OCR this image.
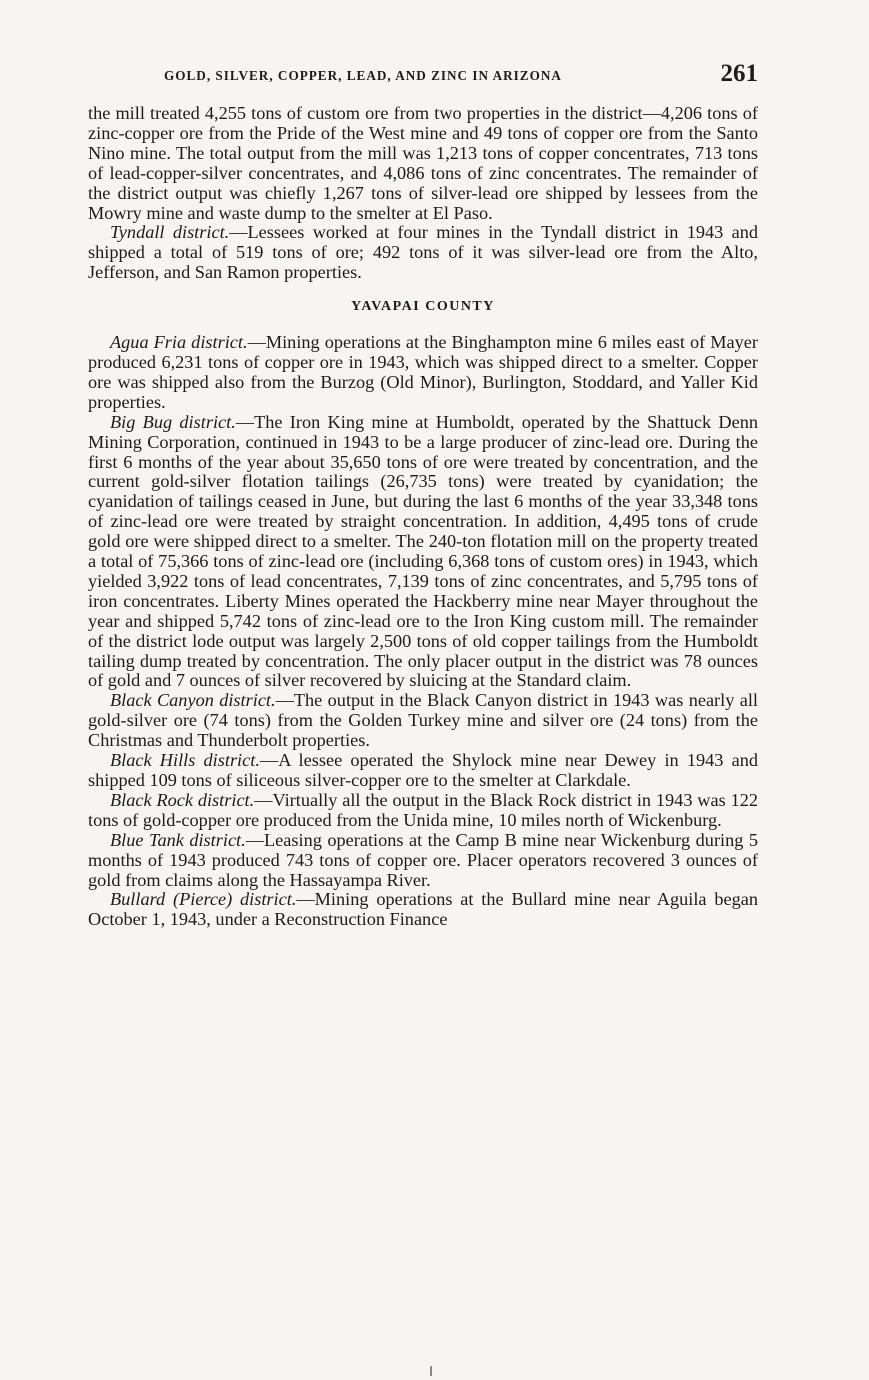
GOLD, SILVER, COPPER, LEAD, AND ZINC IN ARIZONA	261

the mill treated 4,255 tons of custom ore from two properties in the district—4,206 tons of zinc-copper ore from the Pride of the West mine and 49 tons of copper ore from the Santo Nino mine. The total output from the mill was 1,213 tons of copper concentrates, 713 tons of lead-copper-silver concentrates, and 4,086 tons of zinc concentrates. The remainder of the district output was chiefly 1,267 tons of silver-lead ore shipped by lessees from the Mowry mine and waste dump to the smelter at El Paso.

Tyndall district.—Lessees worked at four mines in the Tyndall district in 1943 and shipped a total of 519 tons of ore; 492 tons of it was silver-lead ore from the Alto, Jefferson, and San Ramon properties.

YAVAPAI COUNTY

Agua Fria district.—Mining operations at the Binghampton mine 6 miles east of Mayer produced 6,231 tons of copper ore in 1943, which was shipped direct to a smelter. Copper ore was shipped also from the Burzog (Old Minor), Burlington, Stoddard, and Yaller Kid properties.

Big Bug district.—The Iron King mine at Humboldt, operated by the Shattuck Denn Mining Corporation, continued in 1943 to be a large producer of zinc-lead ore. During the first 6 months of the year about 35,650 tons of ore were treated by concentration, and the current gold-silver flotation tailings (26,735 tons) were treated by cyanidation; the cyanidation of tailings ceased in June, but during the last 6 months of the year 33,348 tons of zinc-lead ore were treated by straight concentration. In addition, 4,495 tons of crude gold ore were shipped direct to a smelter. The 240-ton flotation mill on the property treated a total of 75,366 tons of zinc-lead ore (including 6,368 tons of custom ores) in 1943, which yielded 3,922 tons of lead concentrates, 7,139 tons of zinc concentrates, and 5,795 tons of iron concentrates. Liberty Mines operated the Hackberry mine near Mayer throughout the year and shipped 5,742 tons of zinc-lead ore to the Iron King custom mill. The remainder of the district lode output was largely 2,500 tons of old copper tailings from the Humboldt tailing dump treated by concentration. The only placer output in the district was 78 ounces of gold and 7 ounces of silver recovered by sluicing at the Standard claim.

Black Canyon district.—The output in the Black Canyon district in 1943 was nearly all gold-silver ore (74 tons) from the Golden Turkey mine and silver ore (24 tons) from the Christmas and Thunderbolt properties.

Black Hills district.—A lessee operated the Shylock mine near Dewey in 1943 and shipped 109 tons of siliceous silver-copper ore to the smelter at Clarkdale.

Black Rock district.—Virtually all the output in the Black Rock district in 1943 was 122 tons of gold-copper ore produced from the Unida mine, 10 miles north of Wickenburg.

Blue Tank district.—Leasing operations at the Camp B mine near Wickenburg during 5 months of 1943 produced 743 tons of copper ore. Placer operators recovered 3 ounces of gold from claims along the Hassayampa River.

Bullard (Pierce) district.—Mining operations at the Bullard mine near Aguila began October 1, 1943, under a Reconstruction Finance
